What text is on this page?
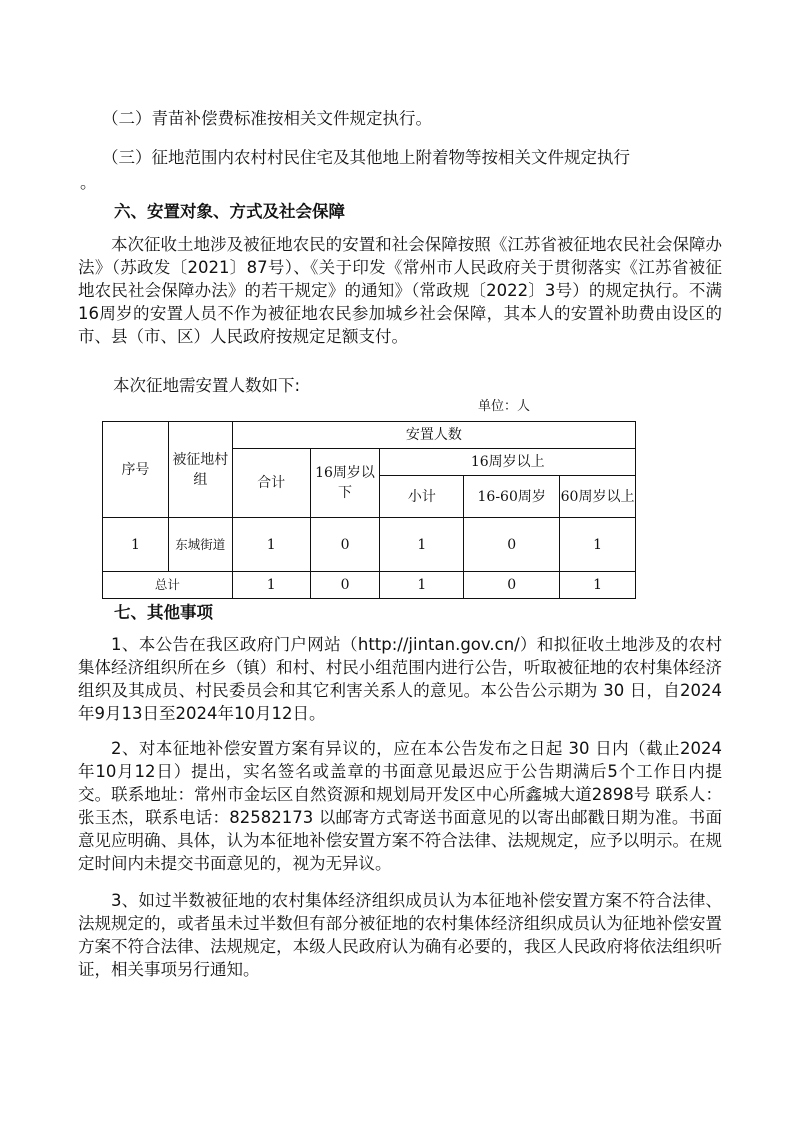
（二）青苗补偿费标准按相关文件规定执行。
（三）征地范围内农村村民住宅及其他地上附着物等按相关文件规定执行
。
六、安置对象、方式及社会保障

本次征收土地涉及被征地农民的安置和社会保障按照《江苏省被征地农民社会保障办法》（苏政发〔2021〕87号）、《关于印发《常州市人民政府关于贯彻落实《江苏省被征地农民社会保障办法》的若干规定》的通知》（常政规〔2022〕3号）的规定执行。不满16周岁的安置人员不作为被征地农民参加城乡社会保障，其本人的安置补助费由设区的市、县（市、区）人民政府按规定足额支付。

本次征地需安置人数如下:
单位：人
序号	被征地村组	安置人数				
		合计	16周岁以下	16周岁以上		
				小计	16-60周岁	60周岁以上
1	东城街道	1	0	1	0	1
总计		1	0	1	0	1
七、其他事项

1、本公告在我区政府门户网站（http://jintan.gov.cn/）和拟征收土地涉及的农村集体经济组织所在乡（镇）和村、村民小组范围内进行公告，听取被征地的农村集体经济组织及其成员、村民委员会和其它利害关系人的意见。本公告公示期为 30 日，自2024年9月13日至2024年10月12日。

2、对本征地补偿安置方案有异议的，应在本公告发布之日起 30 日内（截止2024年10月12日）提出，实名签名或盖章的书面意见最迟应于公告期满后5个工作日内提交。联系地址：常州市金坛区自然资源和规划局开发区中心所鑫城大道2898号 联系人：张玉杰，联系电话：82582173 以邮寄方式寄送书面意见的以寄出邮戳日期为准。书面意见应明确、具体，认为本征地补偿安置方案不符合法律、法规规定，应予以明示。在规定时间内未提交书面意见的，视为无异议。

3、如过半数被征地的农村集体经济组织成员认为本征地补偿安置方案不符合法律、法规规定的，或者虽未过半数但有部分被征地的农村集体经济组织成员认为征地补偿安置方案不符合法律、法规规定，本级人民政府认为确有必要的，我区人民政府将依法组织听证，相关事项另行通知。
